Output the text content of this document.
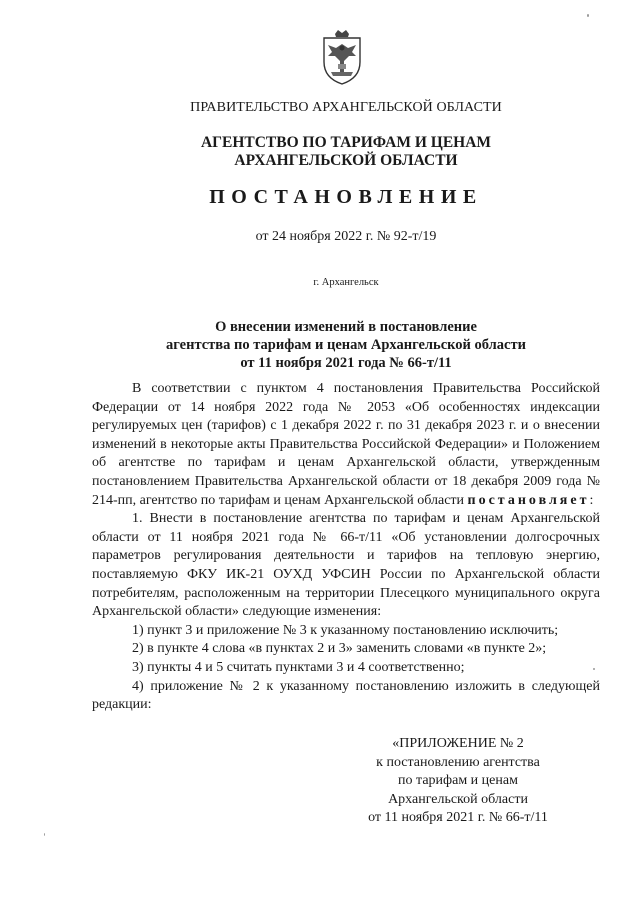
ПРАВИТЕЛЬСТВО АРХАНГЕЛЬСКОЙ ОБЛАСТИ
АГЕНТСТВО ПО ТАРИФАМ И ЦЕНАМ
АРХАНГЕЛЬСКОЙ ОБЛАСТИ
ПОСТАНОВЛЕНИЕ
от 24 ноября 2022 г. № 92-т/19
г. Архангельск
О внесении изменений в постановление
агентства по тарифам и ценам Архангельской области
от 11 ноября 2021 года № 66-т/11

В соответствии с пунктом 4 постановления Правительства Российской Федерации от 14 ноября 2022 года № 2053 «Об особенностях индексации регулируемых цен (тарифов) с 1 декабря 2022 г. по 31 декабря 2023 г. и о внесении изменений в некоторые акты Правительства Российской Федерации» и Положением об агентстве по тарифам и ценам Архангельской области, утвержденным постановлением Правительства Архангельской области от 18 декабря 2009 года № 214-пп, агентство по тарифам и ценам Архангельской области постановляет:

1. Внести в постановление агентства по тарифам и ценам Архангельской области от 11 ноября 2021 года № 66-т/11 «Об установлении долгосрочных параметров регулирования деятельности и тарифов на тепловую энергию, поставляемую ФКУ ИК-21 ОУХД УФСИН России по Архангельской области потребителям, расположенным на территории Плесецкого муниципального округа Архангельской области» следующие изменения:

1) пункт 3 и приложение № 3 к указанному постановлению исключить;

2) в пункте 4 слова «в пунктах 2 и 3» заменить словами «в пункте 2»;

3) пункты 4 и 5 считать пунктами 3 и 4 соответственно;

4) приложение № 2 к указанному постановлению изложить в следующей редакции:

«ПРИЛОЖЕНИЕ № 2
к постановлению агентства
по тарифам и ценам
Архангельской области
от 11 ноября 2021 г. № 66-т/11
